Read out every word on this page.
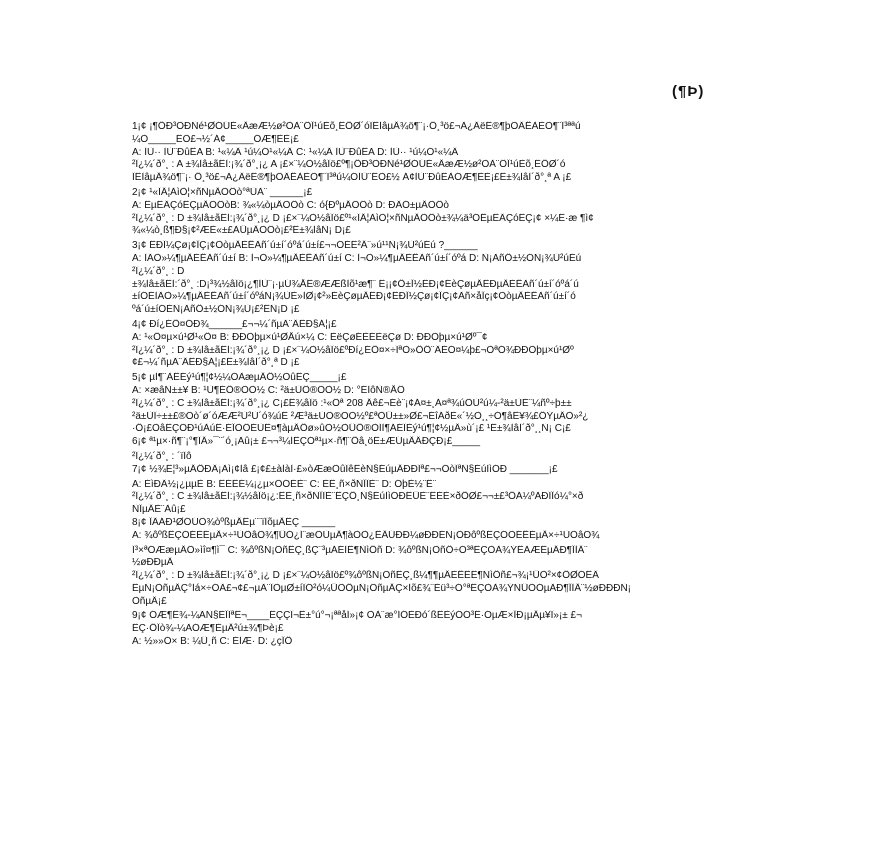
(¶Þ)
1¡¢ ¡¶ÖÐ³ÕÐÑé¹ØÓÚÉ«ÄæÆ½ø²ÒÀ¨ÔÏ¹úÈõ¸ÊÖØ´óÎÊÌâµÄ¾ö¶¨¡·Ö¸³ö£¬Ã¿ÂëÊ®¶þÕÂËÀÈÕ¶¨Î³ªªú
¼Ò_____ÊÕ£¬½´Á¢_____ÓÆ¶ÈÈ¡£
A: ÌÙ·· ÌÙ¨ÐûÊA B: ¹«¼Â ¹ú¼Ó¹«¼Â C: ¹«¼Â ÌÙ¨ÐûÊA D: ÌÙ·· ¹ú¼Ó¹«¼Â
²Î¿¼´ð°¸ : A ±¾Ìâ±ãÊÌ:¡¾´ð°¸¡¿ A ¡£×¨¼Ò½âÎö£º¶¡ÖÐ³ÕÐÑé¹ØÓÚÉ«ÄæÆ½ø²ÒÀ¨ÔÏ¹úÈõ¸ÊÖØ´ó
ÎÊÌâµÄ¾ö¶¨¡· Ö¸³ö£¬Ã¿ÂëÊ®¶þÕÂËÀÈÕ¶¨Î³ªú¼ÓÌÙ¨ÊÕ£½ Á¢ÌÙ¨ÐûÊÀÓÆ¶ÈÈ¡£Ê±¾ÌâÌ´ð°¸ª A ¡£
2¡¢ ¹«ÎÄ¦ÀìÒ¦×ñÑµÄÕÔò°ªÙÀ¨ ______¡£
A: ÊµÊÂÇóÊÇµÄÕÔòB: ¾«¼òµÄÕÔò C: ó{ÐºµÄÕÔò D: ÐÂÓ±µÄÕÔò
²Î¿¼´ð°¸ : D ±¾Ìâ±ãÊÌ:¡¾´ð°¸¡¿ D ¡£×¨¼Ò½âÎö£º¹«ÎÄ¦ÀìÒ¦×ñÑµÄÕÔò±¾¼ä³ÓÊµÊÂÇóÊÇ¡¢ ×¼Ê·æ ¶ì¢
¾«¼ò¸ß¶Ð§¡¢²ÆÈ«±£ÃÜµÄÕÔò¡£²Ê±¾ÌâÑ¡ D¡£
3¡¢ ÊÐÎ¼Çø¡¢ÏÇ¡¢ÕòµÄÈËÃñ´ú±í´óºá´ú±í£¬¬ÓÉÊ²Ä¨»ú¹¹Ñ¡¾Ù²úÉú ?______
A: ÌÃÒ»¼¶µÄÈËÃñ´ú±í B: Ì¬Ò»¼¶µÄÈËÃñ´ú±í C: Ì¬Ò»¼¶µÄÈËÃñ´ú±í´óºá D: Ñ¡ÃñÖ±½ÓÑ¡¾Ù²úÉú
²Î¿¼´ð°¸ : D
±¾Ìâ±ãÊÌ:´ð°¸ :D¡³¾½âÎö¡¿¶ÌÙ¨¡·µÚ¾ÅÊ®ÆÆßÌõ¹æ¶¨ Ê¡¡¢Ö±Ï½ÊÐ¡¢ÉèÇøµÄÊÐµÄÈËÃñ´ú±í´óºá´ú
±íÓÉÌÃÒ»¼¶µÄÈËÃñ´ú±í´óºáÑ¡¾ÙÈ»ÌØ¡¢²»ÉèÇøµÄÊÐ¡¢ÊÐÏ½Çø¡¢ÏÇ¡¢Ãñ×åÏç¡¢ÕòµÄÈËÃñ´ú±í´ó
ºá´ú±íÓÉÑ¡ÃñÖ±½ÓÑ¡¾Ù¡£²ÊÑ¡D ¡£
4¡¢ Ðí¿ÉÖ¤ÓÐ¾______£¬¬¼´ñµÃ¨ÂÊÐ§Á¦¡£
A: ¹«Ö¤µ×ú¹Ø¹«Ö¤ B: ÐÐÕþµ×ú¹ØÅú×¼ C: ÈëÇøÉÈÉÈëÇø D: ÐÐÕþµ×ú¹Øº¯¢
²Î¿¼´ð°¸ : D ±¾Ìâ±ãÊÌ:¡¾´ð°¸¡¿ D ¡£×¨¼Ò½âÎö£ºÐí¿ÉÖ¤×÷ÎªÒ»ÖÖ¨ÂÉÓ¤¼þ£¬ÒªÓ¾ÐÐÕþµ×ú¹Øº
¢£¬¼´ñµÃ¨ÂÊÐ§Á¦¡£Ê±¾ÌâÌ´ð°¸ª D ¡£
5¡¢ µÌ¶¨ÀÊÉý¹ú¶¦¢½¼ÓÃæµÄÖ½ÕûÊÇ_____¡£
A: ×æâÑ±±¥ B: ¹Ù¶ÉÖ®ÕÒ½ C: ²ä±ÙÔ®ÕÒ½ D: °ÉÌôÑ®ÅÔ
²Î¿¼´ð°¸ : C ±¾Ìâ±ãÊÌ:¡¾´ð°¸¡¿ C¡£Ê¾âÎö :¹«Ôª 208 Äê£¬Éè¨¡¢Á¤±¸Á¤ª¾úÕÙ²ú¼-²ä±ÙÉ¨¼ñº÷þ±±
²ä±ÙÎ÷±±£®Õò´ø´óÆÆ²Ù²Ù´ó¾úÊ ²Æ³ä±ÙÕ®ÕÒ½º£ªÒÜ±±»Ø£¬ÉîÁðÈ«´½Ò¸¸÷Ó¶âÊ¥¾£ÖÝµÄÒ»²¿
·Ö¡£ÕâÊÇÕÐ¹úÀúÊ·ÉÏÒÔÉÙÊ¤¶àµÄÖø»ûÕ½ÒÛÖ®ÒÍÌ¶ÁÉÎÈý¹ú¶¦¢½µÄ»ù´¡£ ¹Ê±¾ÌâÌ´ð°¸¸Ñ¡ C¡£
6¡¢ ª¹µ×·ñ¶¨¡°¶ÎÄ»¯¨´ó¸¡Ãû¡± £¬¬³¼ÍÊÇÓª¹µ×·ñ¶¨Öâ¸öÊ±ÆÚµÄÄÐÇÐ¡£_____
²Î¿¼´ð°¸ : ´ïÎô
7¡¢ ½¾Ê¦³»µÄÖÐÂ¡Ãì¡¢Ìâ £¡¢£±àÌàÌ·£»òÆæÕûÎêÊèÑ§ÉúµÄÐÐÎª£¬¬ÓòÎªÑ§ÉúÌìÓÐ _______¡£
A: ÉìÐÂ½¡¿µµÈ B: ÊÉÊÉ¼¡¿µ×ÕÓÉÈ¨ C: ÈÊ¸ñ×ðÑÏÎÈ¨ D: ÓþÈ½¨Ê¨
²Î¿¼´ð°¸ : C ±¾Ìâ±ãÊÌ:¡¾½âÎö¡¿:ÊÈ¸ñ×ðÑÏÎÈ¨ÊÇÖ¸Ñ§ÉúÌìÓÐÊÜÈ¨ÊÉÈ×ðÖØ£¬¬±£³ÖÁ¼ºÃÐÎÏó¼°×ð
ÑÏµÄÈ¨Àû¡£
8¡¢ ÏÂÁÐ¹ØÓÚÕ¾òºßµÄÊµ¨¨ïÎõµÄÊÇ ______
A: ¾ôºßÊÇÓÉÈÉµÄ×÷¹ÙÕâÕ¾¶ÛÓ¿Í¨æÕÙµÄ¶àÒÒ¿ÊÄÚÐÐ¼øÐÐÉÑ¡ÕÐôºßÊÇÓÕÉËÉµÄ×÷¹ÙÕâÕ¾
Î³×ªÓÆæµÄÕ»ìî¤¶ì¯ C: ¾ôºßÑ¡ÕñÊÇ¸ßÇ¨³µÁÉÌÊ¶ÑìÖñ D: ¾ôºßÑ¡ÕñÖ÷Ó³ªÊÇÒÀ¾ÝÊÃÆÊµÄÐ¶ÏÌÄ¨
½øÐÐµÄ
²Î¿¼´ð°¸ : D ±¾Ìâ±ãÊÌ:¡¾´ð°¸¡¿ D ¡£×¨¼Ò½âÎö£º¾ôºßÑ¡ÕñÊÇ¸ß¼¶¶µÄÈËÊÊ¶ÑìÖñ£¬¾¡¹ÜÒ²×¢ÖØÓÊÂ
ÊµÑ¡ÕñµÄÇ°Ìá×÷ÓÃ£¬¢£¬µÃ¨ÎÕµØ±íÎÓ²ó¼ÜÕÖµÑ¡ÕñµÄÇ×Ìõ£¾¨Èü³÷Ó°ªÊÇÒÀ¾ÝÑÛÕÓµÃÐ¶ÏÌÄ¨½øÐÐÐÑ¡
ÕñµÄ¡£
9¡¢ ÓÆ¶Ê¾-¼ÃÑ§ÈÏÎªÊ¬____ÊÇÇÎ¬Ê±°ú°¬¡ªªåÍ»¡¢ ÒÀ¨æ°ÍÓÈÐó´ßÊÈýÓÓ³Ê·ÓµÆ×ÏÐ¡µÄµ¥Î»¡± £¬
ÊÇ·ÖÏò¾-¼ÃÓÆ¶ÈµÄ²ú±¾¶Þè¡£
A: ½»»Ó× B: ¼Û¸ñ C: ÉÌÆ· D: ¿çÏÖ
